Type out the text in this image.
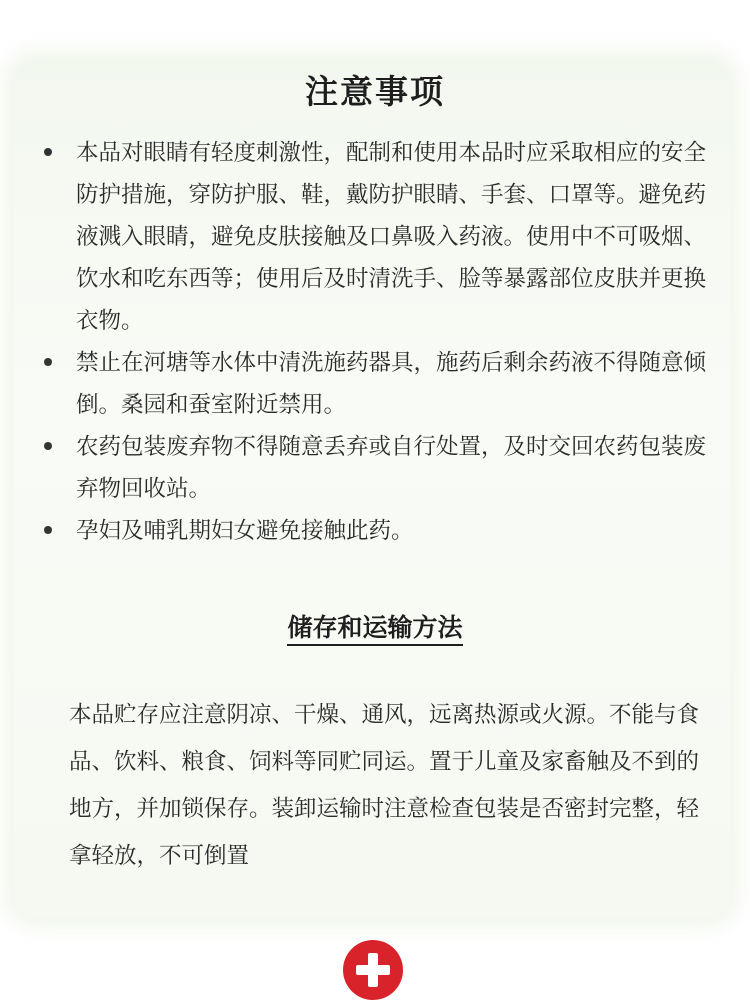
注意事项
本品对眼睛有轻度刺激性，配制和使用本品时应采取相应的安全防护措施，穿防护服、鞋，戴防护眼睛、手套、口罩等。避免药液溅入眼睛，避免皮肤接触及口鼻吸入药液。使用中不可吸烟、饮水和吃东西等；使用后及时清洗手、脸等暴露部位皮肤并更换衣物。
禁止在河塘等水体中清洗施药器具，施药后剩余药液不得随意倾倒。桑园和蚕室附近禁用。
农药包装废弃物不得随意丢弃或自行处置，及时交回农药包装废弃物回收站。
孕妇及哺乳期妇女避免接触此药。
储存和运输方法

本品贮存应注意阴凉、干燥、通风，远离热源或火源。不能与食品、饮料、粮食、饲料等同贮同运。置于儿童及家畜触及不到的地方，并加锁保存。装卸运输时注意检查包装是否密封完整，轻拿轻放，不可倒置
